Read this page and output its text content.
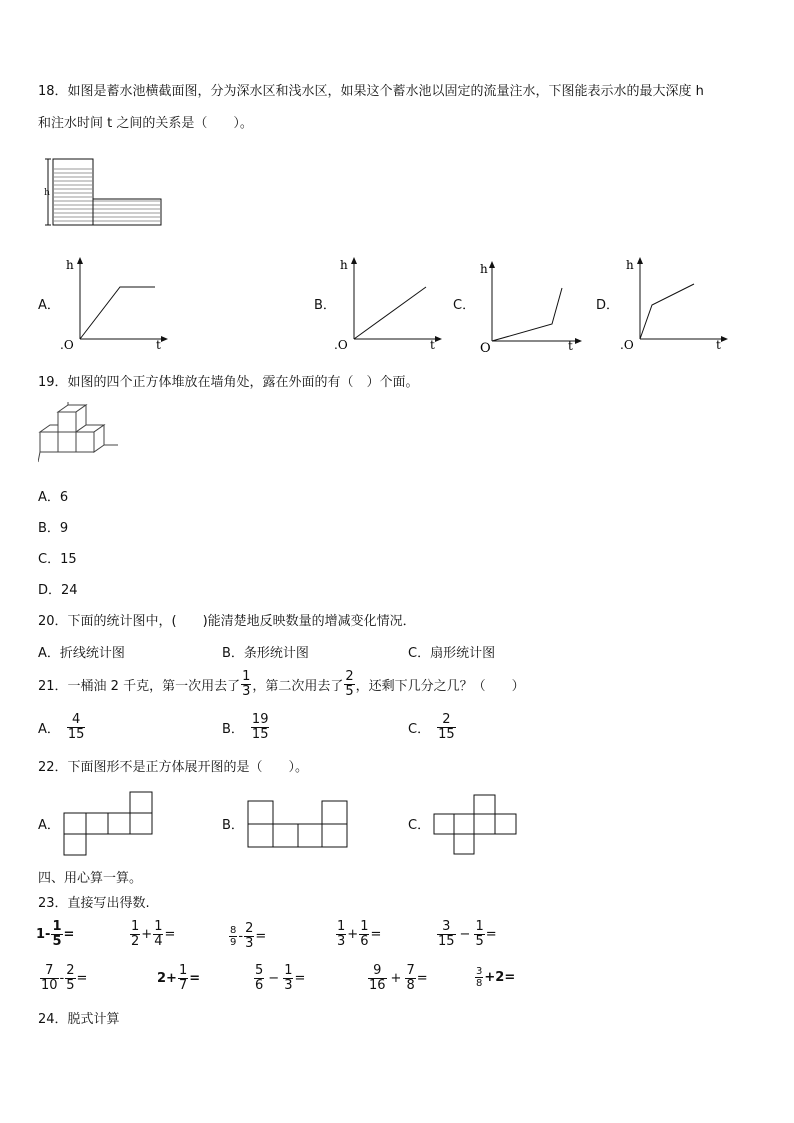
18．如图是蓄水池横截面图，分为深水区和浅水区，如果这个蓄水池以固定的流量注水，下图能表示水的最大深度 h
和注水时间 t 之间的关系是（　　）。
h
A．
h
t
.O
B．
h
t
.O
C．
h
t
O
D．
h
t
.O
19．如图的四个正方体堆放在墙角处，露在外面的有（　）个面。
A．6
B．9
C．15
D．24
20．下面的统计图中，(　　)能清楚地反映数量的增减变化情况．
A．折线统计图	B．条形统计图	C．扇形统计图
21．一桶油 2 千克，第一次用去了 $\frac{1}{3}$ ，第二次用去了 $\frac{2}{5}$ ，还剩下几分之几？（　　）
A． $\frac{4}{15}$	B． $\frac{19}{15}$	C． $\frac{2}{15}$
22．下面图形不是正方体展开图的是（　　）。
A．	B．	C．
四、用心算一算。
23．直接写出得数.
$1- \frac{1}{5}$ =	$\frac{1}{2} + \frac{1}{4}$ =	$\frac{8}{9} - \frac{2}{3}$ =	$\frac{1}{3} + \frac{1}{6}$ =	$\frac{3}{15} - \frac{1}{5}$ =
$\frac{7}{10} - \frac{2}{5}$ =	$2+ \frac{1}{7}$ =	$\frac{5}{6} - \frac{1}{3}$ =	$\frac{9}{16} + \frac{7}{8}$ =	$\frac{3}{8} +2=$
24．脱式计算
